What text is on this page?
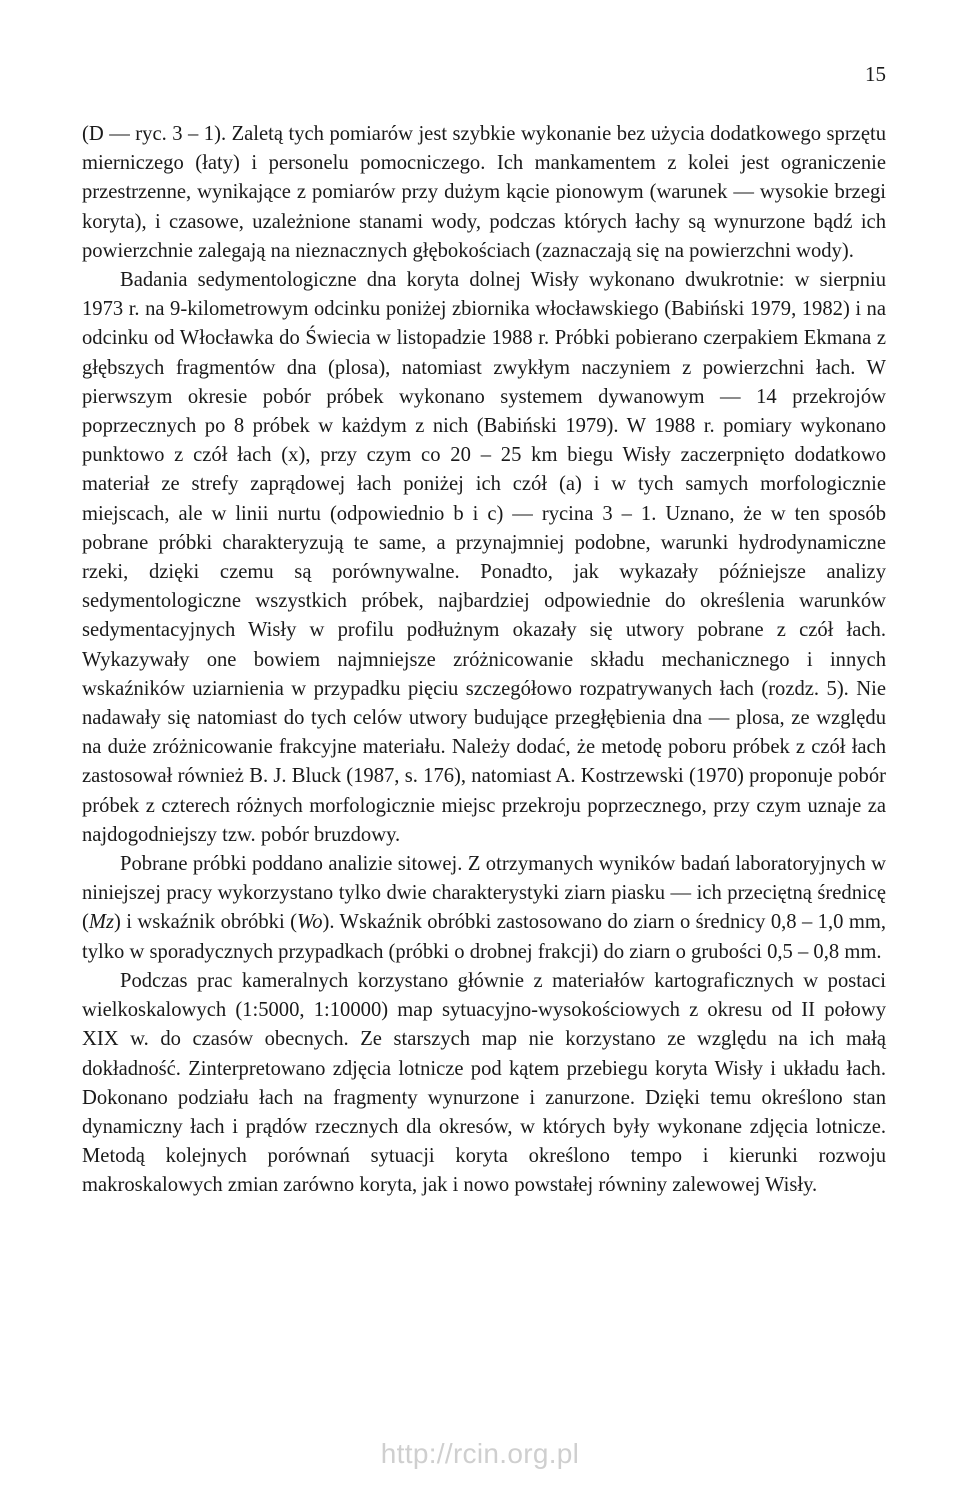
15

(D — ryc. 3 – 1). Zaletą tych pomiarów jest szybkie wykonanie bez użycia dodatkowego sprzętu mierniczego (łaty) i personelu pomocniczego. Ich mankamentem z kolei jest ograniczenie przestrzenne, wynikające z pomiarów przy dużym kącie pionowym (warunek — wysokie brzegi koryta), i czasowe, uzależnione stanami wody, podczas których łachy są wynurzone bądź ich powierzchnie zalegają na nieznacznych głębokościach (zaznaczają się na powierzchni wody).

Badania sedymentologiczne dna koryta dolnej Wisły wykonano dwukrotnie: w sierpniu 1973 r. na 9-kilometrowym odcinku poniżej zbiornika włocławskiego (Babiński 1979, 1982) i na odcinku od Włocławka do Świecia w listopadzie 1988 r. Próbki pobierano czerpakiem Ekmana z głębszych fragmentów dna (plosa), natomiast zwykłym naczyniem z powierzchni łach. W pierwszym okresie pobór próbek wykonano systemem dywanowym — 14 przekrojów poprzecznych po 8 próbek w każdym z nich (Babiński 1979). W 1988 r. pomiary wykonano punktowo z czół łach (x), przy czym co 20 – 25 km biegu Wisły zaczerpnięto dodatkowo materiał ze strefy zaprądowej łach poniżej ich czół (a) i w tych samych morfologicznie miejscach, ale w linii nurtu (odpowiednio b i c) — rycina 3 – 1. Uznano, że w ten sposób pobrane próbki charakteryzują te same, a przynajmniej podobne, warunki hydrodynamiczne rzeki, dzięki czemu są porównywalne. Ponadto, jak wykazały późniejsze analizy sedymentologiczne wszystkich próbek, najbardziej odpowiednie do określenia warunków sedymentacyjnych Wisły w profilu podłużnym okazały się utwory pobrane z czół łach. Wykazywały one bowiem najmniejsze zróżnicowanie składu mechanicznego i innych wskaźników uziarnienia w przypadku pięciu szczegółowo rozpatrywanych łach (rozdz. 5). Nie nadawały się natomiast do tych celów utwory budujące przegłębienia dna — plosa, ze względu na duże zróżnicowanie frakcyjne materiału. Należy dodać, że metodę poboru próbek z czół łach zastosował również B. J. Bluck (1987, s. 176), natomiast A. Kostrzewski (1970) proponuje pobór próbek z czterech różnych morfologicznie miejsc przekroju poprzecznego, przy czym uznaje za najdogodniejszy tzw. pobór bruzdowy.

Pobrane próbki poddano analizie sitowej. Z otrzymanych wyników badań laboratoryjnych w niniejszej pracy wykorzystano tylko dwie charakterystyki ziarn piasku — ich przeciętną średnicę (Mz) i wskaźnik obróbki (Wo). Wskaźnik obróbki zastosowano do ziarn o średnicy 0,8 – 1,0 mm, tylko w sporadycznych przypadkach (próbki o drobnej frakcji) do ziarn o grubości 0,5 – 0,8 mm.

Podczas prac kameralnych korzystano głównie z materiałów kartograficznych w postaci wielkoskalowych (1:5000, 1:10000) map sytuacyjno-wysokościowych z okresu od II połowy XIX w. do czasów obecnych. Ze starszych map nie korzystano ze względu na ich małą dokładność. Zinterpretowano zdjęcia lotnicze pod kątem przebiegu koryta Wisły i układu łach. Dokonano podziału łach na fragmenty wynurzone i zanurzone. Dzięki temu określono stan dynamiczny łach i prądów rzecznych dla okresów, w których były wykonane zdjęcia lotnicze. Metodą kolejnych porównań sytuacji koryta określono tempo i kierunki rozwoju makroskalowych zmian zarówno koryta, jak i nowo powstałej równiny zalewowej Wisły.

http://rcin.org.pl
